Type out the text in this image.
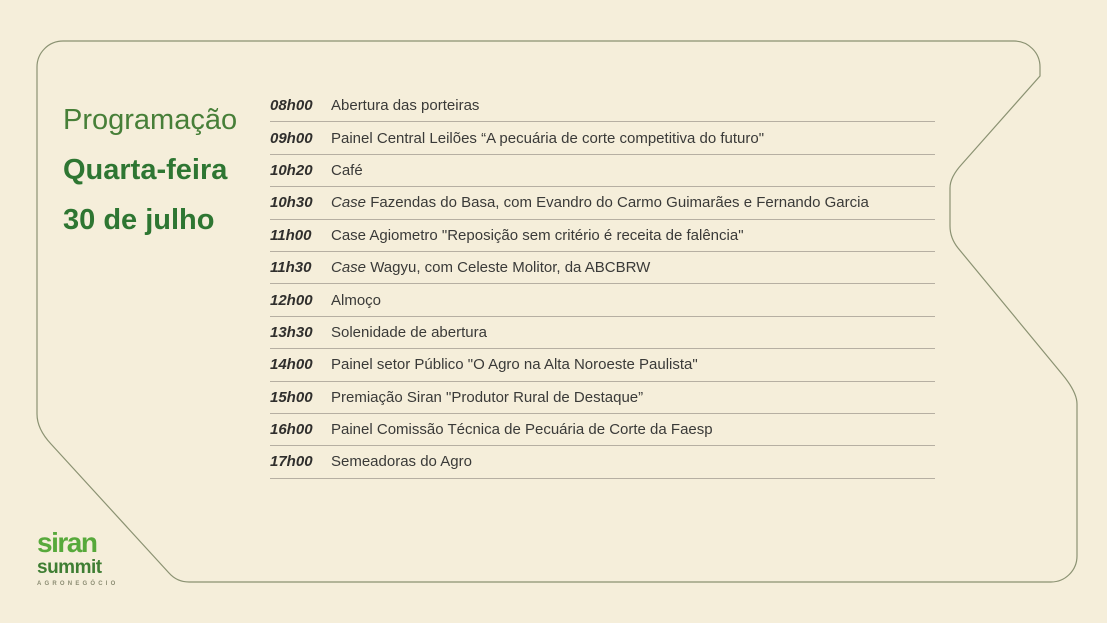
Programação
Quarta-feira
30 de julho
08h00 Abertura das porteiras
09h00 Painel Central Leilões “A pecuária de corte competitiva do futuro"
10h20 Café
10h30 Case Fazendas do Basa, com Evandro do Carmo Guimarães e Fernando Garcia
11h00	Case Agiometro "Reposição sem critério é receita de falência"
11h30	Case Wagyu, com Celeste Molitor, da ABCBRW
12h00 Almoço
13h30 Solenidade de abertura
14h00 Painel setor Público "O Agro na Alta Noroeste Paulista"
15h00 Premiação Siran "Produtor Rural de Destaque”
16h00 Painel Comissão Técnica de Pecuária de Corte da Faesp
17h00 Semeadoras do Agro
siran
summit
AGRONEGÓCIO
